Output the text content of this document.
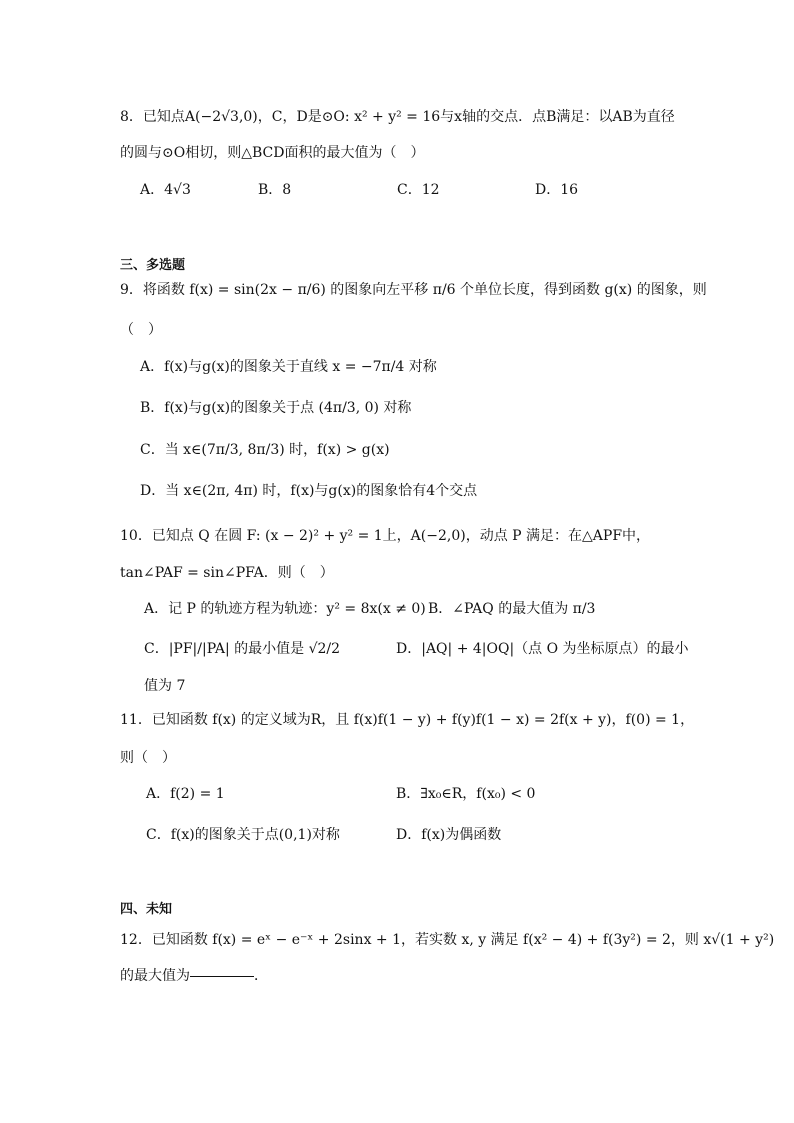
8．已知点A(−2√3,0)，C，D是⊙O: x² + y² = 16与x轴的交点．点B满足：以AB为直径
的圆与⊙O相切，则△BCD面积的最大值为（　）
A．4√3	B．8	C．12	D．16
三、多选题
9．将函数 f(x) = sin(2x − π/6) 的图象向左平移 π/6 个单位长度，得到函数 g(x) 的图象，则
（　）
A．f(x)与g(x)的图象关于直线 x = −7π/4 对称
B．f(x)与g(x)的图象关于点 (4π/3, 0) 对称
C．当 x∈(7π/3, 8π/3) 时，f(x) > g(x)
D．当 x∈(2π, 4π) 时，f(x)与g(x)的图象恰有4个交点
10．已知点 Q 在圆 F: (x − 2)² + y² = 1上，A(−2,0)，动点 P 满足：在△APF中，
tan∠PAF = sin∠PFA．则（　）
A．记 P 的轨迹方程为轨迹：y² = 8x(x ≠ 0) B．∠PAQ 的最大值为 π/3
C．|PF|/|PA| 的最小值是 √2/2	D．|AQ| + 4|OQ|（点 O 为坐标原点）的最小
值为 7
11．已知函数 f(x) 的定义域为R，且 f(x)f(1 − y) + f(y)f(1 − x) = 2f(x + y)，f(0) = 1，
则（　）
A．f(2) = 1	B．∃x₀∈R，f(x₀) < 0
C．f(x)的图象关于点(0,1)对称	D．f(x)为偶函数
四、未知
12．已知函数 f(x) = eˣ − e⁻ˣ + 2sinx + 1，若实数 x, y 满足 f(x² − 4) + f(3y²) = 2，则 x√(1 + y²)
的最大值为	．
